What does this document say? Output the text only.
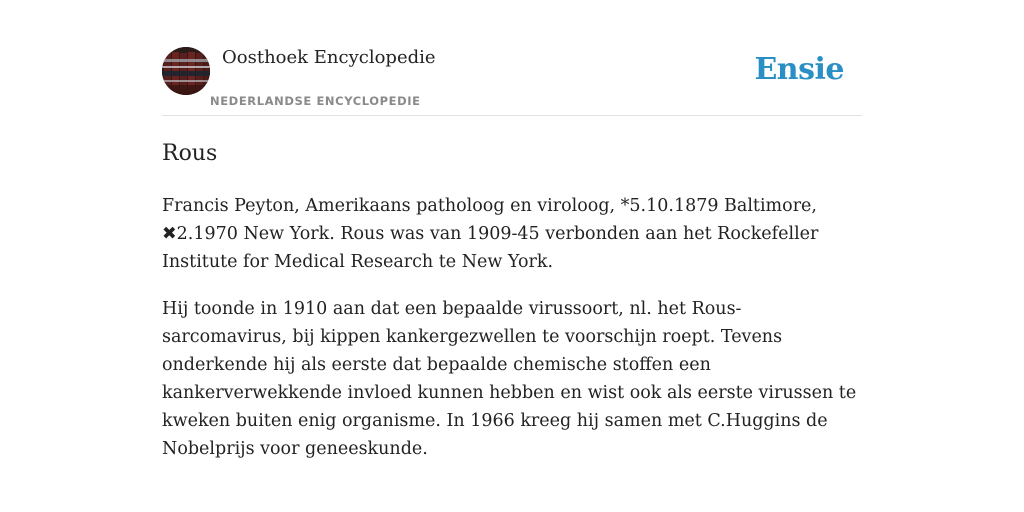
Oosthoek Encyclopedie
NEDERLANDSE ENCYCLOPEDIE
Ensie
Rous

Francis Peyton, Amerikaans patholoog en viroloog, *5.10.1879 Baltimore, ✖2.1970 New York. Rous was van 1909-45 verbonden aan het Rockefeller Institute for Medical Research te New York.

Hij toonde in 1910 aan dat een bepaalde virussoort, nl. het Rous-sarcomavirus, bij kippen kankergezwellen te voorschijn roept. Tevens onderkende hij als eerste dat bepaalde chemische stoffen een kankerverwekkende invloed kunnen hebben en wist ook als eerste virussen te kweken buiten enig organisme. In 1966 kreeg hij samen met C.Huggins de Nobelprijs voor geneeskunde.
